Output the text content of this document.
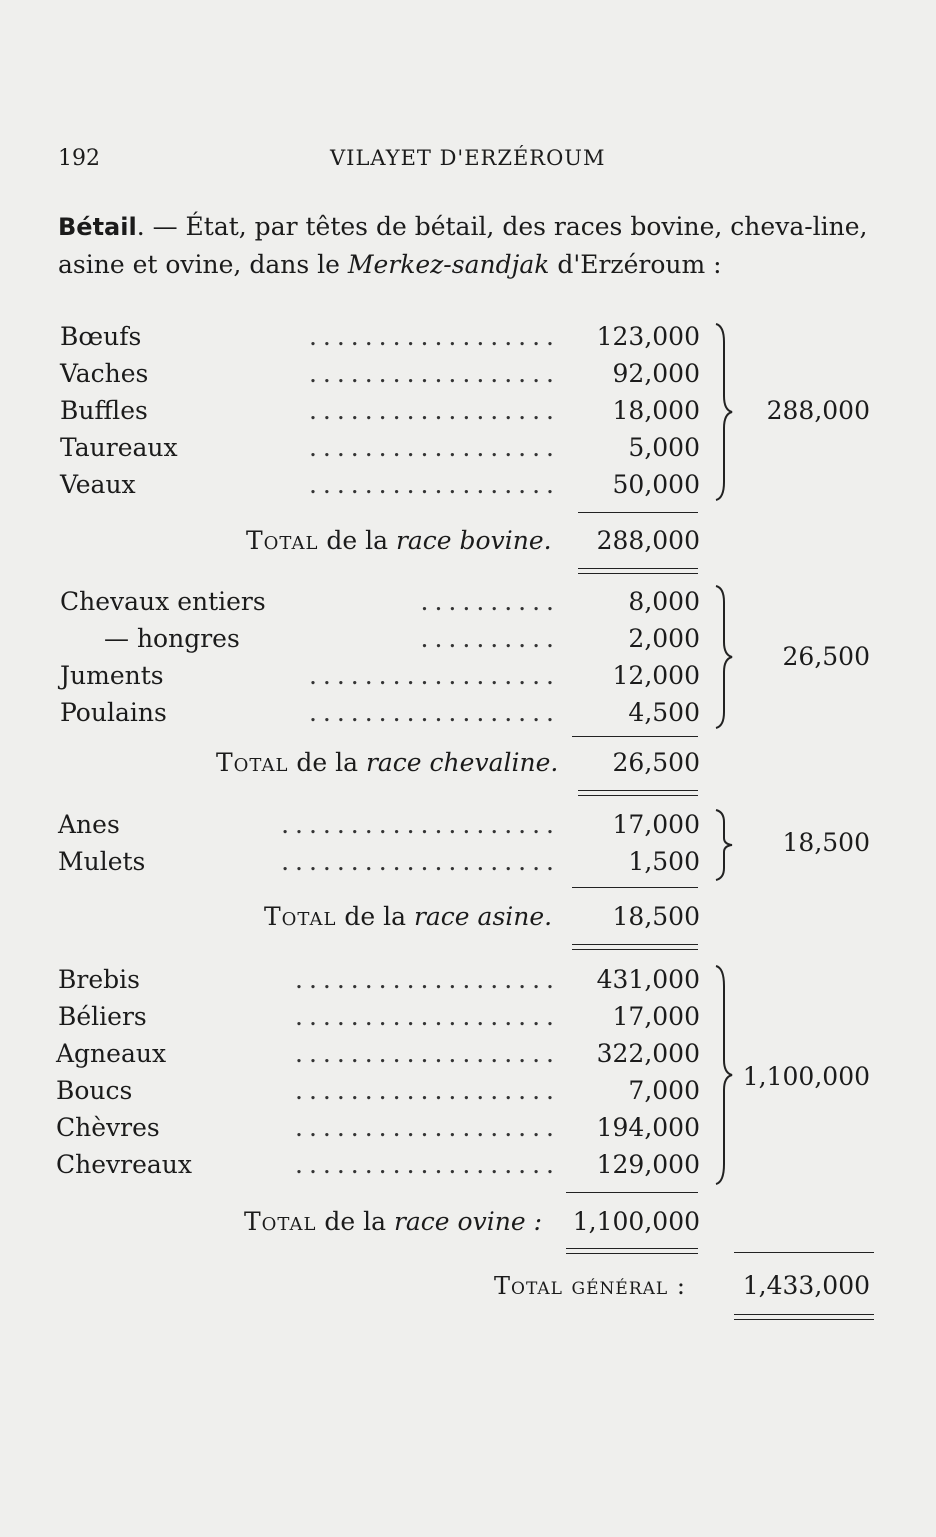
192	VILAYET D'ERZÉROUM
Bétail. — État, par têtes de bétail, des races bovine, cheva-line, asine et ovine, dans le Merkez-sandjak d'Erzéroum :
Bœufs	.................. 123,000
Vaches	.................. 92,000
Buffles	.................. 18,000
Taureaux	..................	5,000
Veaux	.................. 50,000
288,000
Total de la race bovine. 288,000
Chevaux entiers	..........	8,000
— hongres	..........	2,000
Juments	.................. 12,000
Poulains	..................	4,500
26,500
Total de la race chevaline. 26,500
Anes	.................... 17,000
Mulets	....................	1,500
18,500
Total de la race asine. 18,500
Brebis	................... 431,000
Béliers	................... 17,000
Agneaux	................... 322,000
Boucs	...................	7,000
Chèvres	................... 194,000
Chevreaux	................... 129,000
1,100,000
Total de la race ovine : 1,100,000
Total général : 1,433,000
